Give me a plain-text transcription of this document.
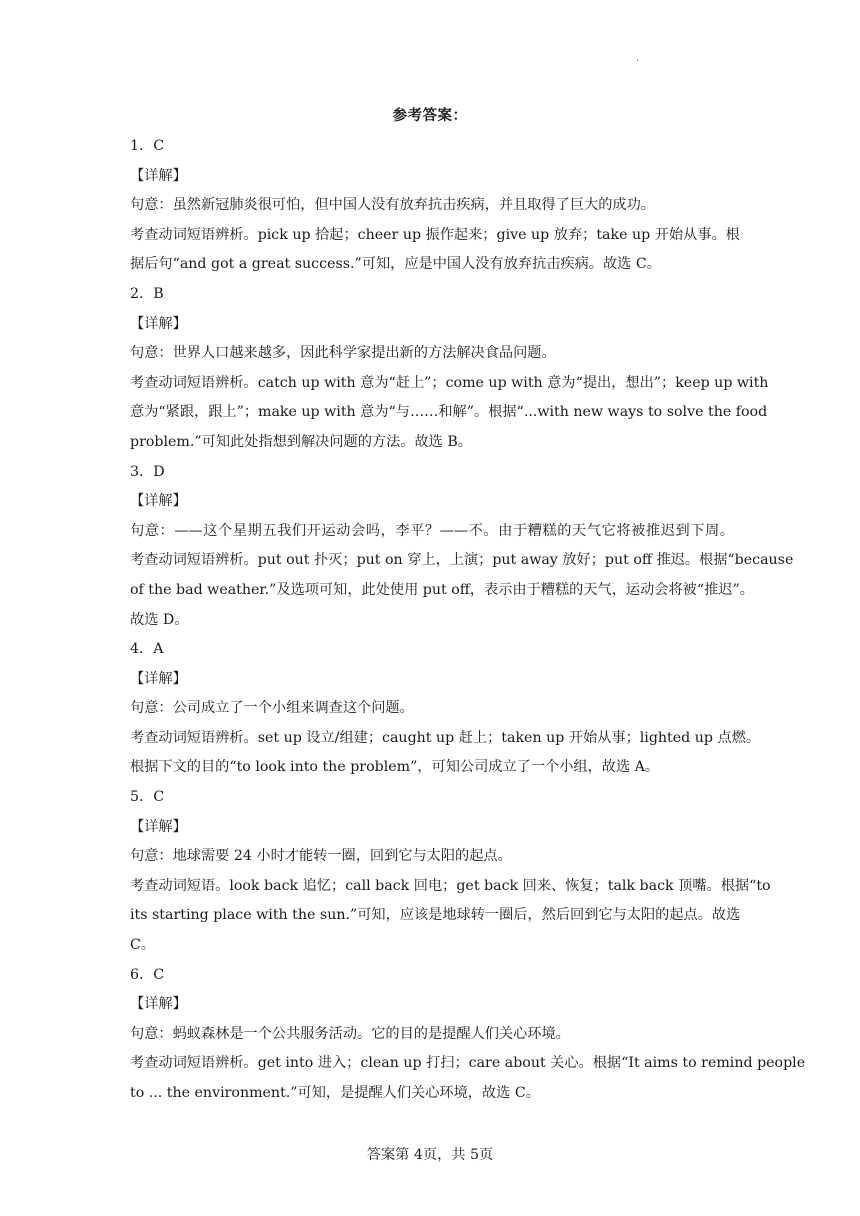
·
参考答案：
1．C
【详解】
句意：虽然新冠肺炎很可怕，但中国人没有放弃抗击疾病，并且取得了巨大的成功。
考查动词短语辨析。pick up 拾起；cheer up 振作起来；give up 放弃；take up 开始从事。根
据后句“and got a great success.”可知，应是中国人没有放弃抗击疾病。故选 C。
2．B
【详解】
句意：世界人口越来越多，因此科学家提出新的方法解决食品问题。
考查动词短语辨析。catch up with 意为“赶上”；come up with 意为“提出，想出”；keep up with
意为“紧跟，跟上”；make up with 意为“与……和解”。根据“...with new ways to solve the food
problem.”可知此处指想到解决问题的方法。故选 B。
3．D
【详解】
句意：——这个星期五我们开运动会吗，李平？——不。由于糟糕的天气它将被推迟到下周。
考查动词短语辨析。put out 扑灭；put on 穿上，上演；put away 放好；put off 推迟。根据“because
of the bad weather.”及选项可知，此处使用 put off，表示由于糟糕的天气，运动会将被“推迟”。
故选 D。
4．A
【详解】
句意：公司成立了一个小组来调查这个问题。
考查动词短语辨析。set up 设立/组建；caught up 赶上；taken up 开始从事；lighted up 点燃。
根据下文的目的“to look into the problem”，可知公司成立了一个小组，故选 A。
5．C
【详解】
句意：地球需要 24 小时才能转一圈，回到它与太阳的起点。
考查动词短语。look back 追忆；call back 回电；get back 回来、恢复；talk back 顶嘴。根据“to
its starting place with the sun.”可知，应该是地球转一圈后，然后回到它与太阳的起点。故选
C。
6．C
【详解】
句意：蚂蚁森林是一个公共服务活动。它的目的是提醒人们关心环境。
考查动词短语辨析。get into 进入；clean up 打扫；care about 关心。根据“It aims to remind people
to ... the environment.”可知，是提醒人们关心环境，故选 C。
答案第 4页，共 5页
